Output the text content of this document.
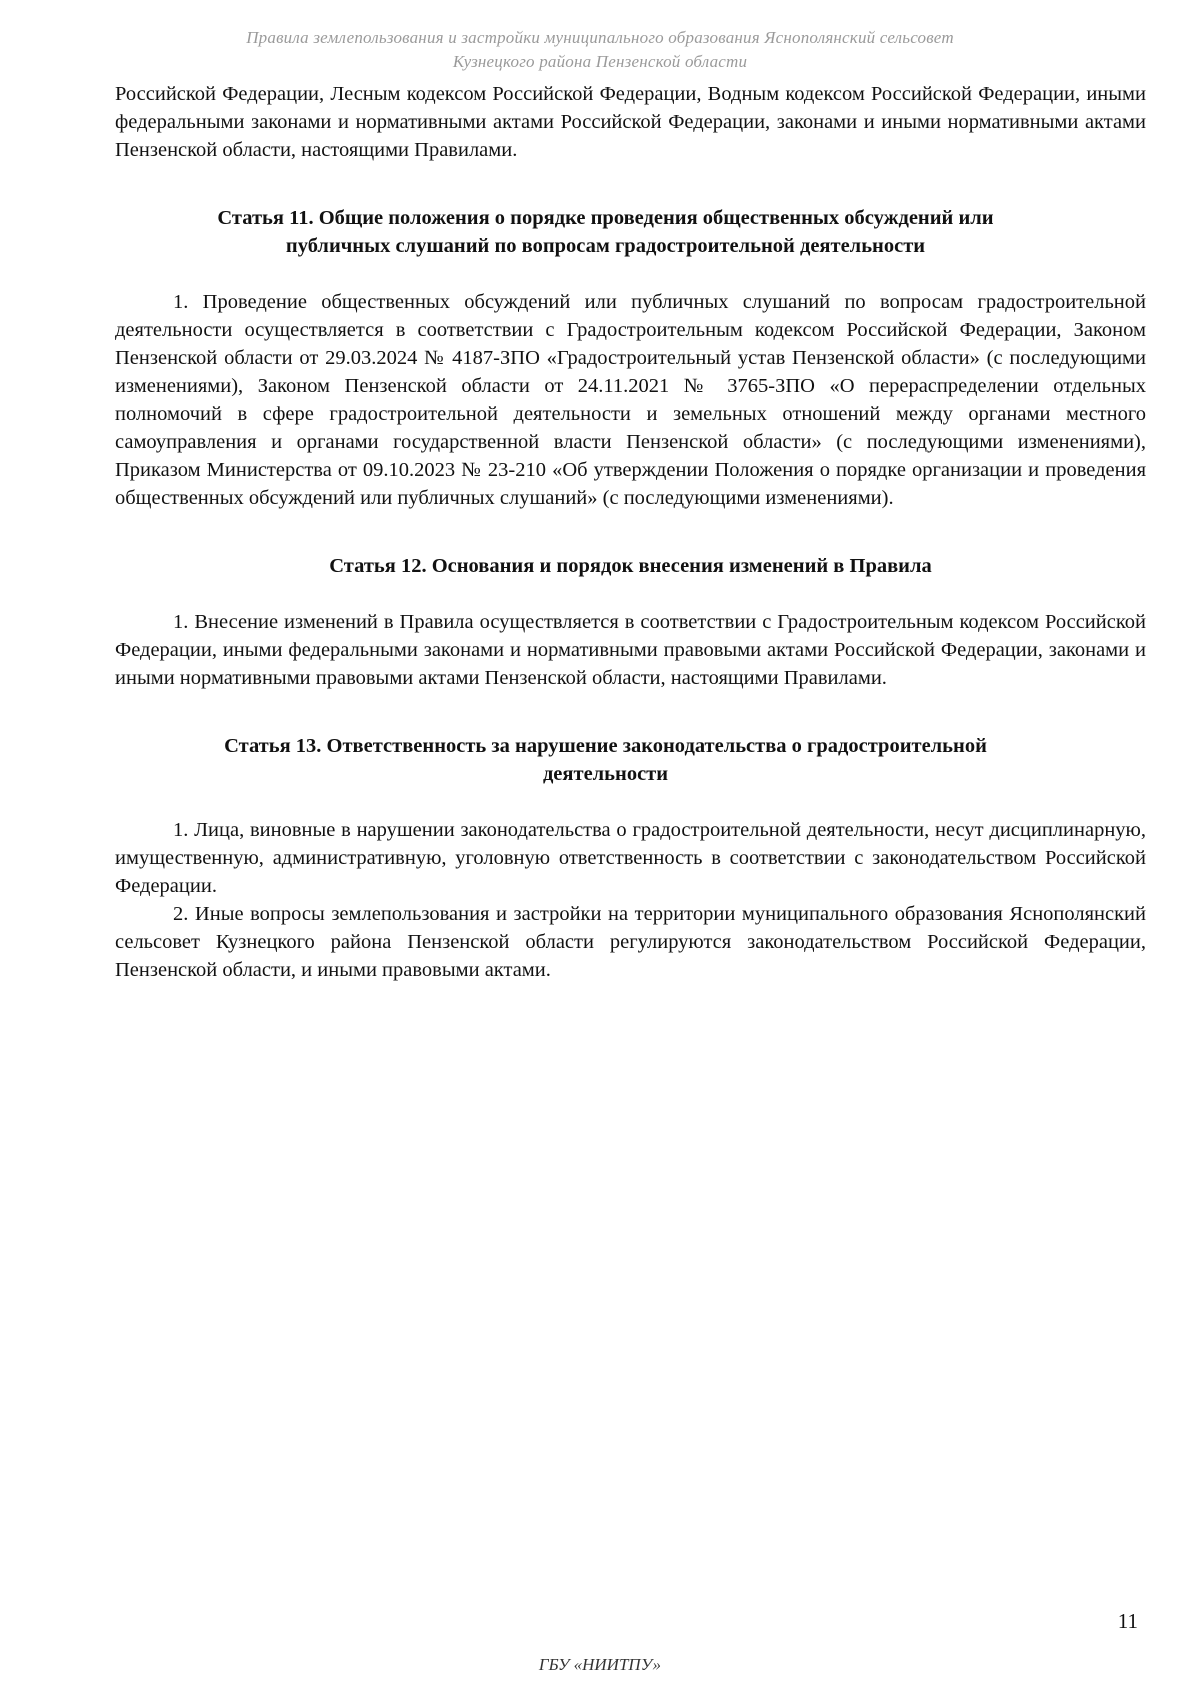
Правила землепользования и застройки муниципального образования Яснополянский сельсовет
Кузнецкого района Пензенской области

Российской Федерации, Лесным кодексом Российской Федерации, Водным кодексом Российской Федерации, иными федеральными законами и нормативными актами Российской Федерации, законами и иными нормативными актами Пензенской области, настоящими Правилами.

Статья 11. Общие положения о порядке проведения общественных обсуждений или публичных слушаний по вопросам градостроительной деятельности

1. Проведение общественных обсуждений или публичных слушаний по вопросам градостроительной деятельности осуществляется в соответствии с Градостроительным кодексом Российской Федерации, Законом Пензенской области от 29.03.2024 № 4187-ЗПО «Градостроительный устав Пензенской области» (с последующими изменениями), Законом Пензенской области от 24.11.2021 № 3765-ЗПО «О перераспределении отдельных полномочий в сфере градостроительной деятельности и земельных отношений между органами местного самоуправления и органами государственной власти Пензенской области» (с последующими изменениями), Приказом Министерства от 09.10.2023 № 23-210 «Об утверждении Положения о порядке организации и проведения общественных обсуждений или публичных слушаний» (с последующими изменениями).

Статья 12. Основания и порядок внесения изменений в Правила

1. Внесение изменений в Правила осуществляется в соответствии с Градостроительным кодексом Российской Федерации, иными федеральными законами и нормативными правовыми актами Российской Федерации, законами и иными нормативными правовыми актами Пензенской области, настоящими Правилами.

Статья 13. Ответственность за нарушение законодательства о градостроительной деятельности

1. Лица, виновные в нарушении законодательства о градостроительной деятельности, несут дисциплинарную, имущественную, административную, уголовную ответственность в соответствии с законодательством Российской Федерации.

2. Иные вопросы землепользования и застройки на территории муниципального образования Яснополянский сельсовет Кузнецкого района Пензенской области регулируются законодательством Российской Федерации, Пензенской области, и иными правовыми актами.

11
ГБУ «НИИТПУ»
